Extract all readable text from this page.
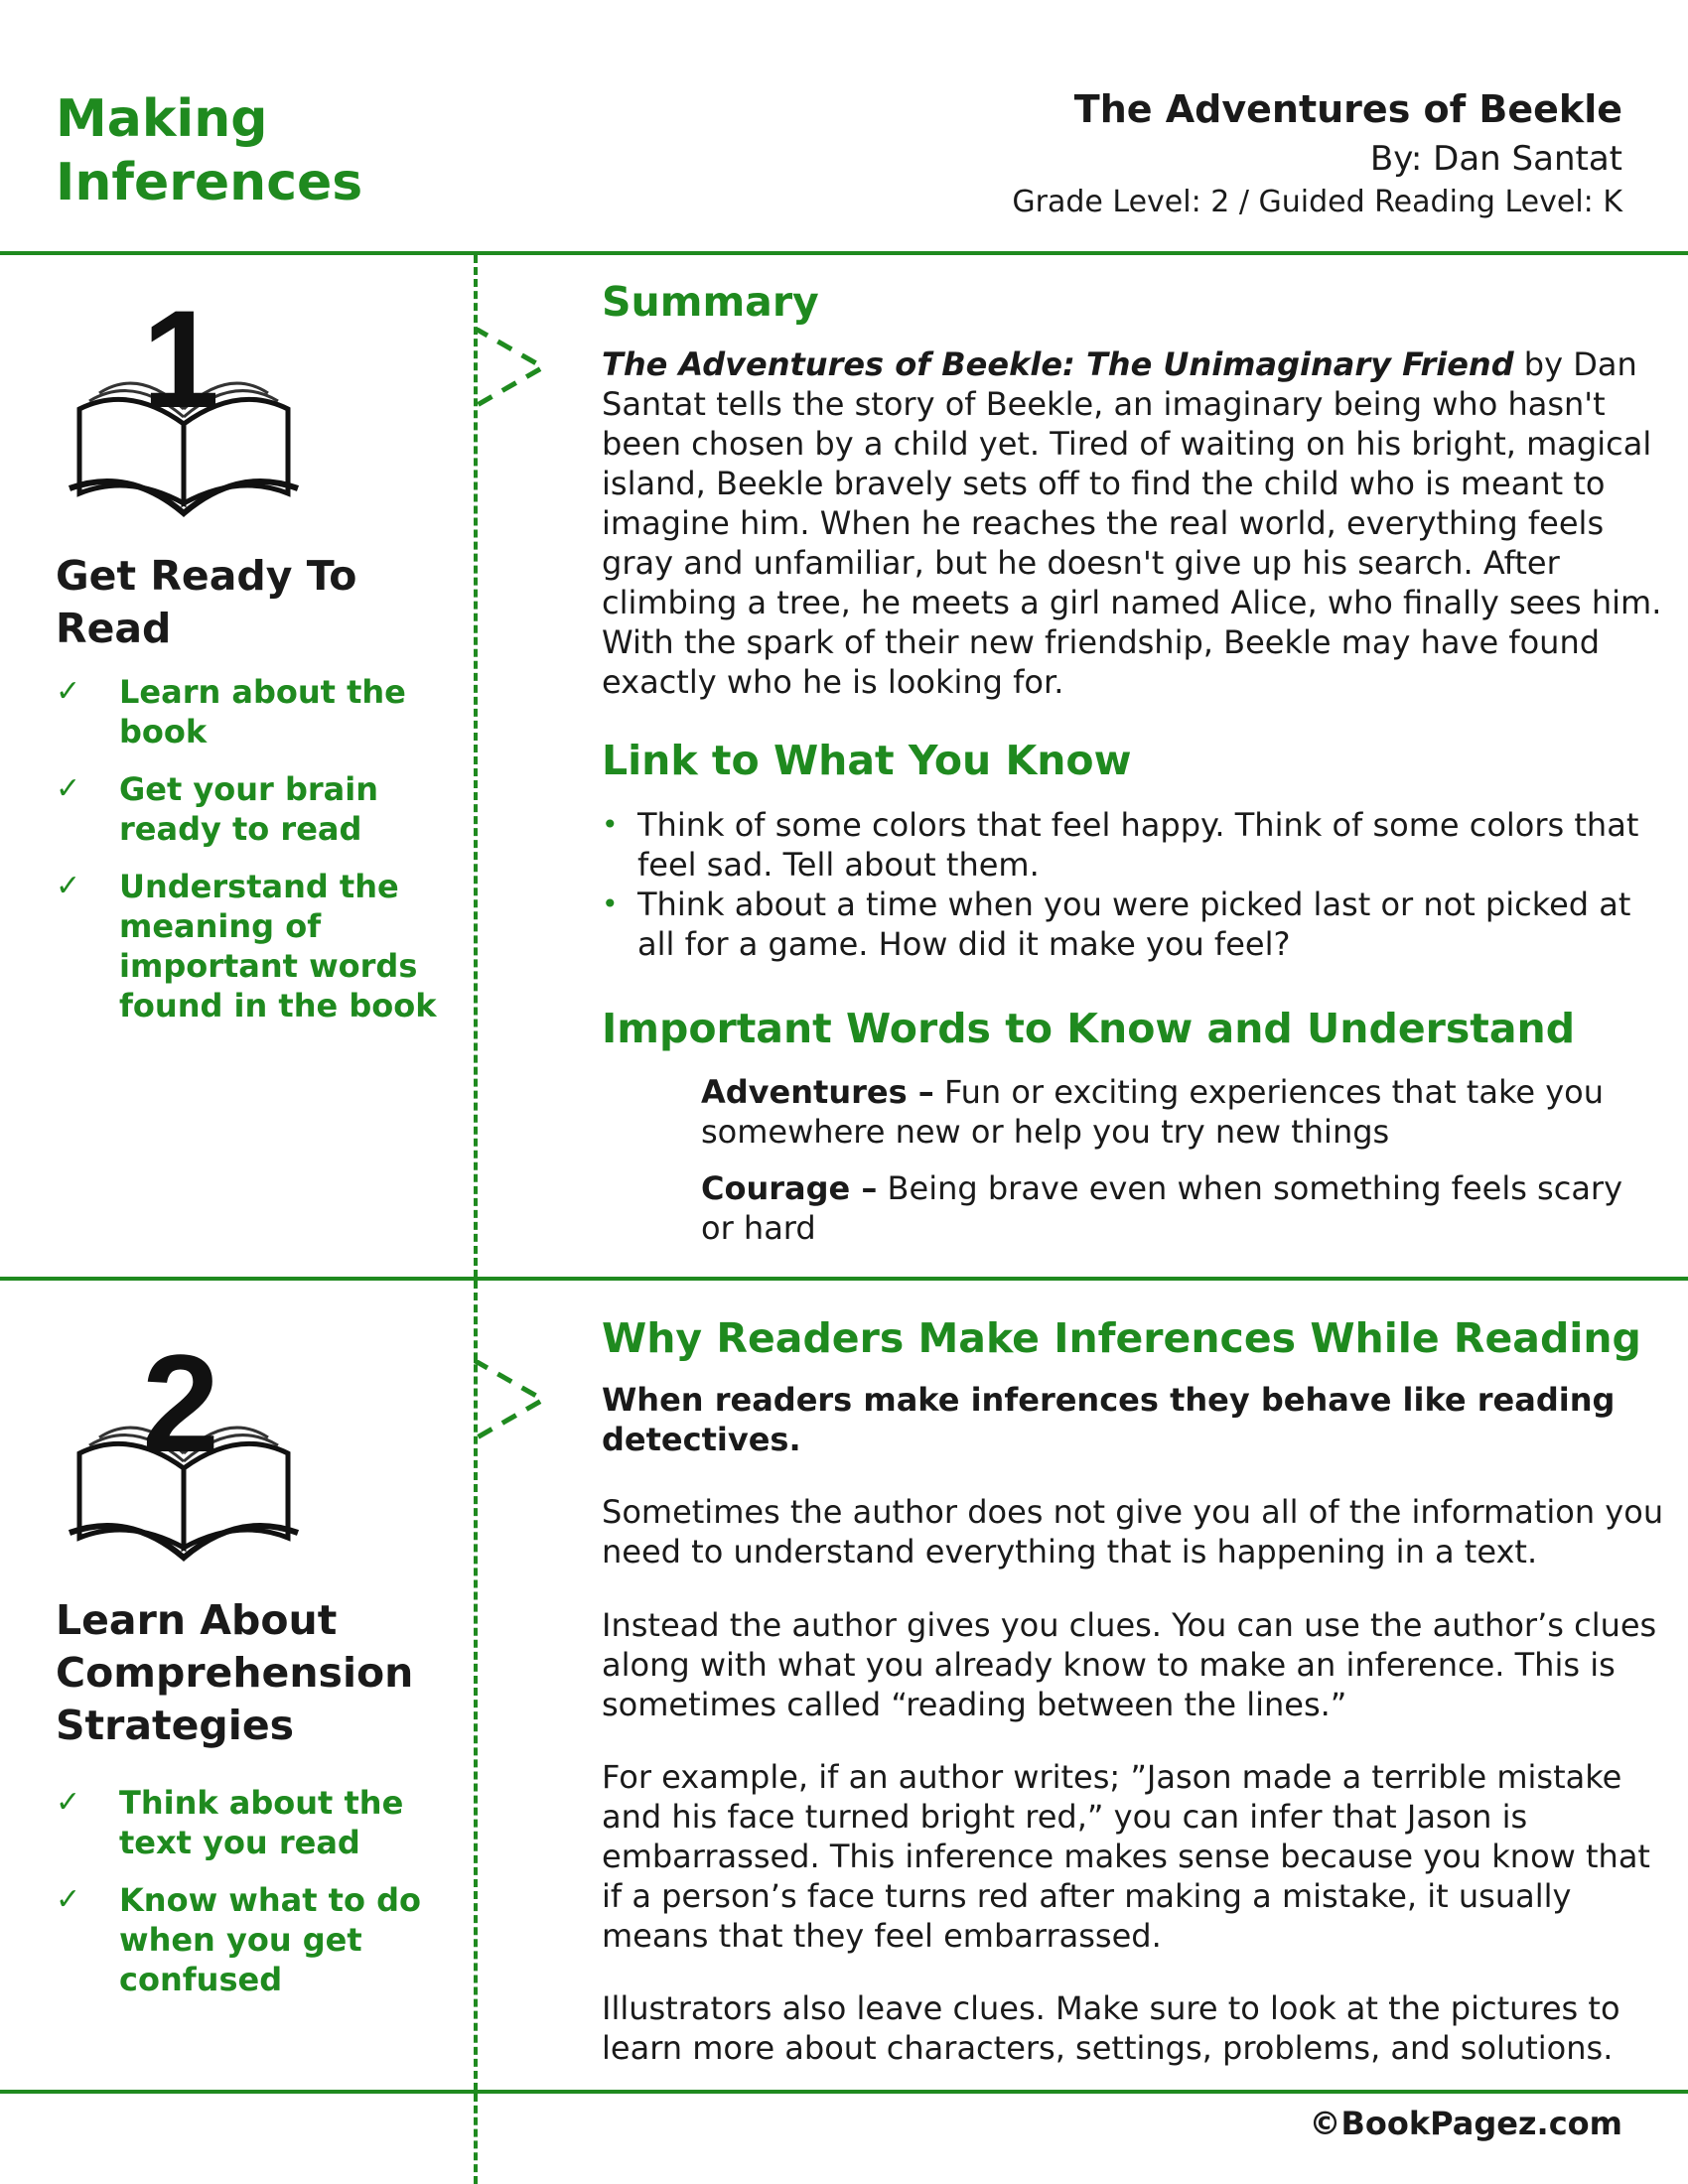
Making Inferences
The Adventures of Beekle
By: Dan Santat
Grade Level: 2 / Guided Reading Level: K
1
Get Ready To Read
✓ Learn about the book
✓ Get your brain ready to read
✓ Understand the meaning of important words found in the book
Summary
The Adventures of Beekle: The Unimaginary Friend by Dan Santat tells the story of Beekle, an imaginary being who hasn't been chosen by a child yet. Tired of waiting on his bright, magical island, Beekle bravely sets off to find the child who is meant to imagine him. When he reaches the real world, everything feels gray and unfamiliar, but he doesn't give up his search. After climbing a tree, he meets a girl named Alice, who finally sees him. With the spark of their new friendship, Beekle may have found exactly who he is looking for.
Link to What You Know
• Think of some colors that feel happy. Think of some colors that feel sad. Tell about them.
• Think about a time when you were picked last or not picked at all for a game. How did it make you feel?
Important Words to Know and Understand
Adventures – Fun or exciting experiences that take you somewhere new or help you try new things
Courage – Being brave even when something feels scary or hard
2
Learn About Comprehension Strategies
✓ Think about the text you read
✓ Know what to do when you get confused
Why Readers Make Inferences While Reading
When readers make inferences they behave like reading detectives.
Sometimes the author does not give you all of the information you need to understand everything that is happening in a text.
Instead the author gives you clues. You can use the author’s clues along with what you already know to make an inference. This is sometimes called “reading between the lines.”
For example, if an author writes; ”Jason made a terrible mistake and his face turned bright red,” you can infer that Jason is embarrassed. This inference makes sense because you know that if a person’s face turns red after making a mistake, it usually means that they feel embarrassed.
Illustrators also leave clues. Make sure to look at the pictures to learn more about characters, settings, problems, and solutions.
©BookPagez.com
